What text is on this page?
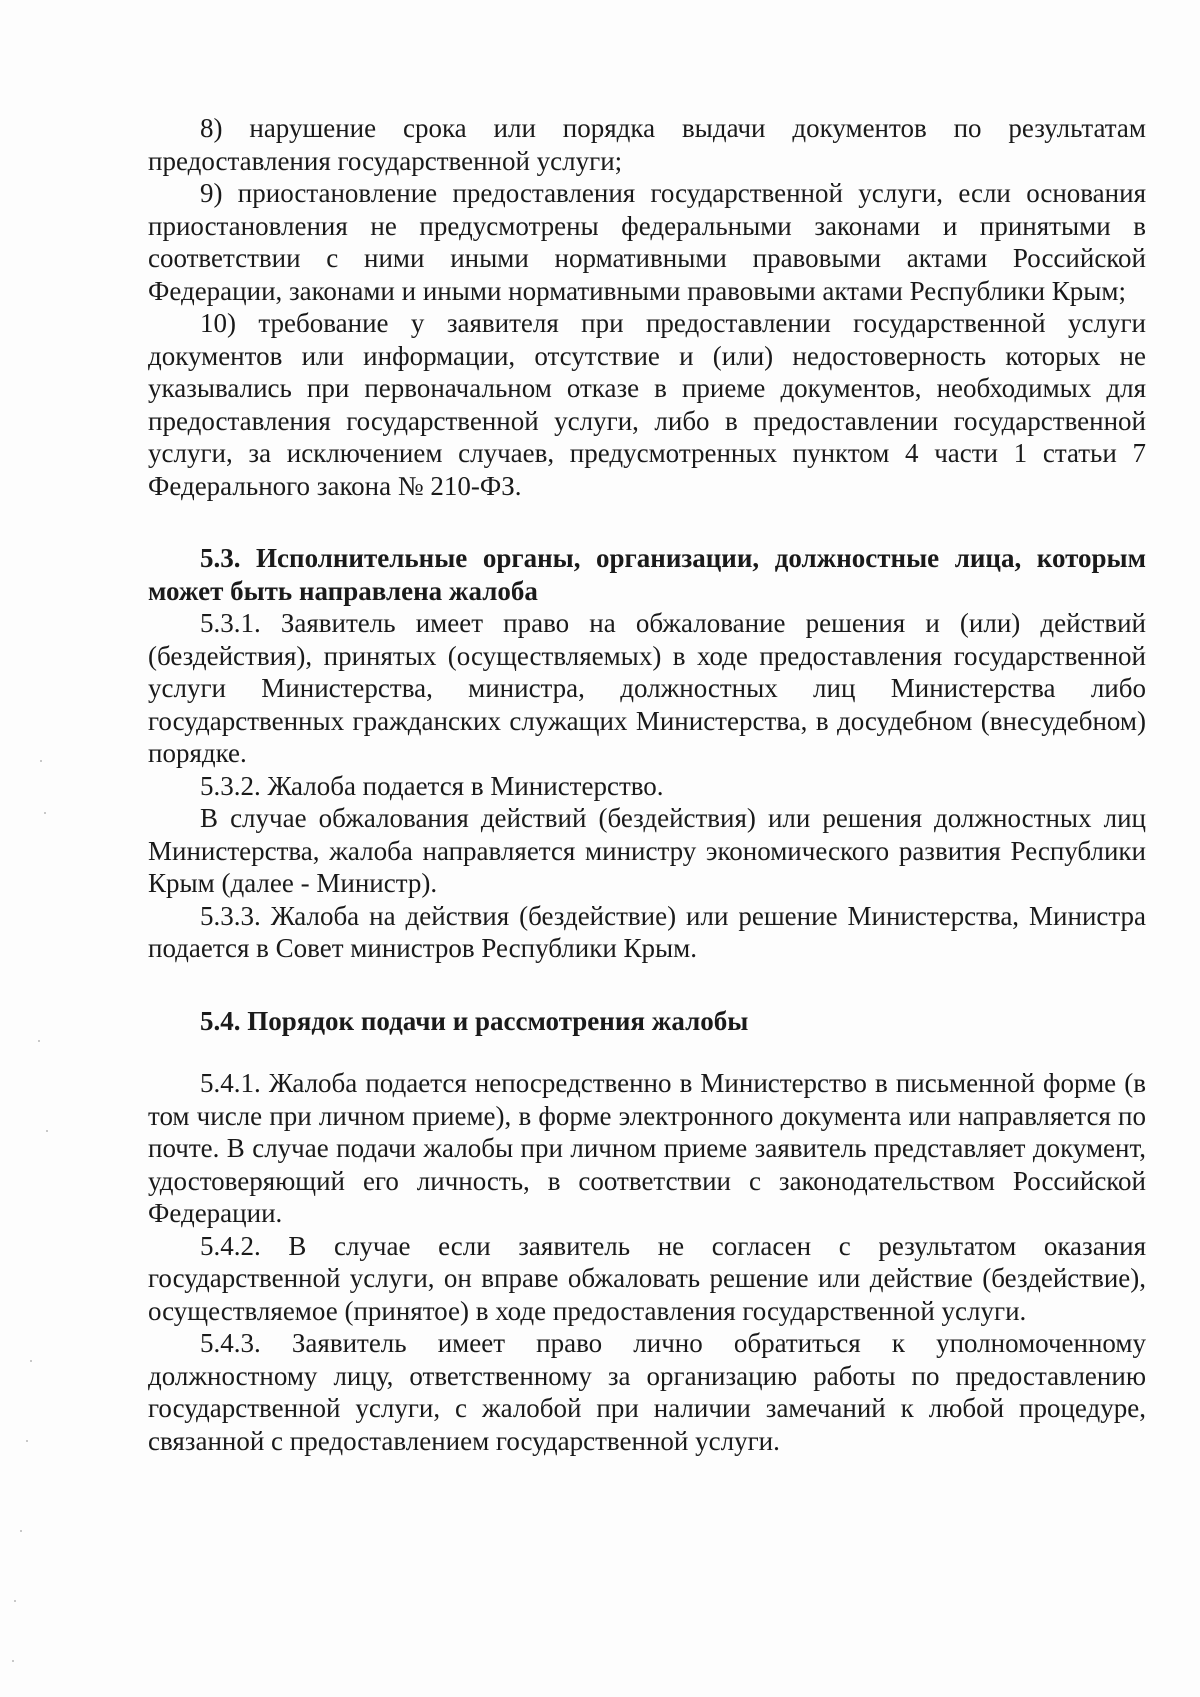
8) нарушение срока или порядка выдачи документов по результатам предоставления государственной услуги;

9) приостановление предоставления государственной услуги, если основания приостановления не предусмотрены федеральными законами и принятыми в соответствии с ними иными нормативными правовыми актами Российской Федерации, законами и иными нормативными правовыми актами Республики Крым;

10) требование у заявителя при предоставлении государственной услуги документов или информации, отсутствие и (или) недостоверность которых не указывались при первоначальном отказе в приеме документов, необходимых для предоставления государственной услуги, либо в предоставлении государственной услуги, за исключением случаев, предусмотренных пунктом 4 части 1 статьи 7 Федерального закона № 210-ФЗ.

5.3. Исполнительные органы, организации, должностные лица, которым может быть направлена жалоба

5.3.1. Заявитель имеет право на обжалование решения и (или) действий (бездействия), принятых (осуществляемых) в ходе предоставления государственной услуги Министерства, министра, должностных лиц Министерства либо государственных гражданских служащих Министерства, в досудебном (внесудебном) порядке.

5.3.2. Жалоба подается в Министерство.

В случае обжалования действий (бездействия) или решения должностных лиц Министерства, жалоба направляется министру экономического развития Республики Крым (далее - Министр).

5.3.3. Жалоба на действия (бездействие) или решение Министерства, Министра подается в Совет министров Республики Крым.

5.4. Порядок подачи и рассмотрения жалобы

5.4.1. Жалоба подается непосредственно в Министерство в письменной форме (в том числе при личном приеме), в форме электронного документа или направляется по почте. В случае подачи жалобы при личном приеме заявитель представляет документ, удостоверяющий его личность, в соответствии с законодательством Российской Федерации.

5.4.2. В случае если заявитель не согласен с результатом оказания государственной услуги, он вправе обжаловать решение или действие (бездействие), осуществляемое (принятое) в ходе предоставления государственной услуги.

5.4.3. Заявитель имеет право лично обратиться к уполномоченному должностному лицу, ответственному за организацию работы по предоставлению государственной услуги, с жалобой при наличии замечаний к любой процедуре, связанной с предоставлением государственной услуги.
